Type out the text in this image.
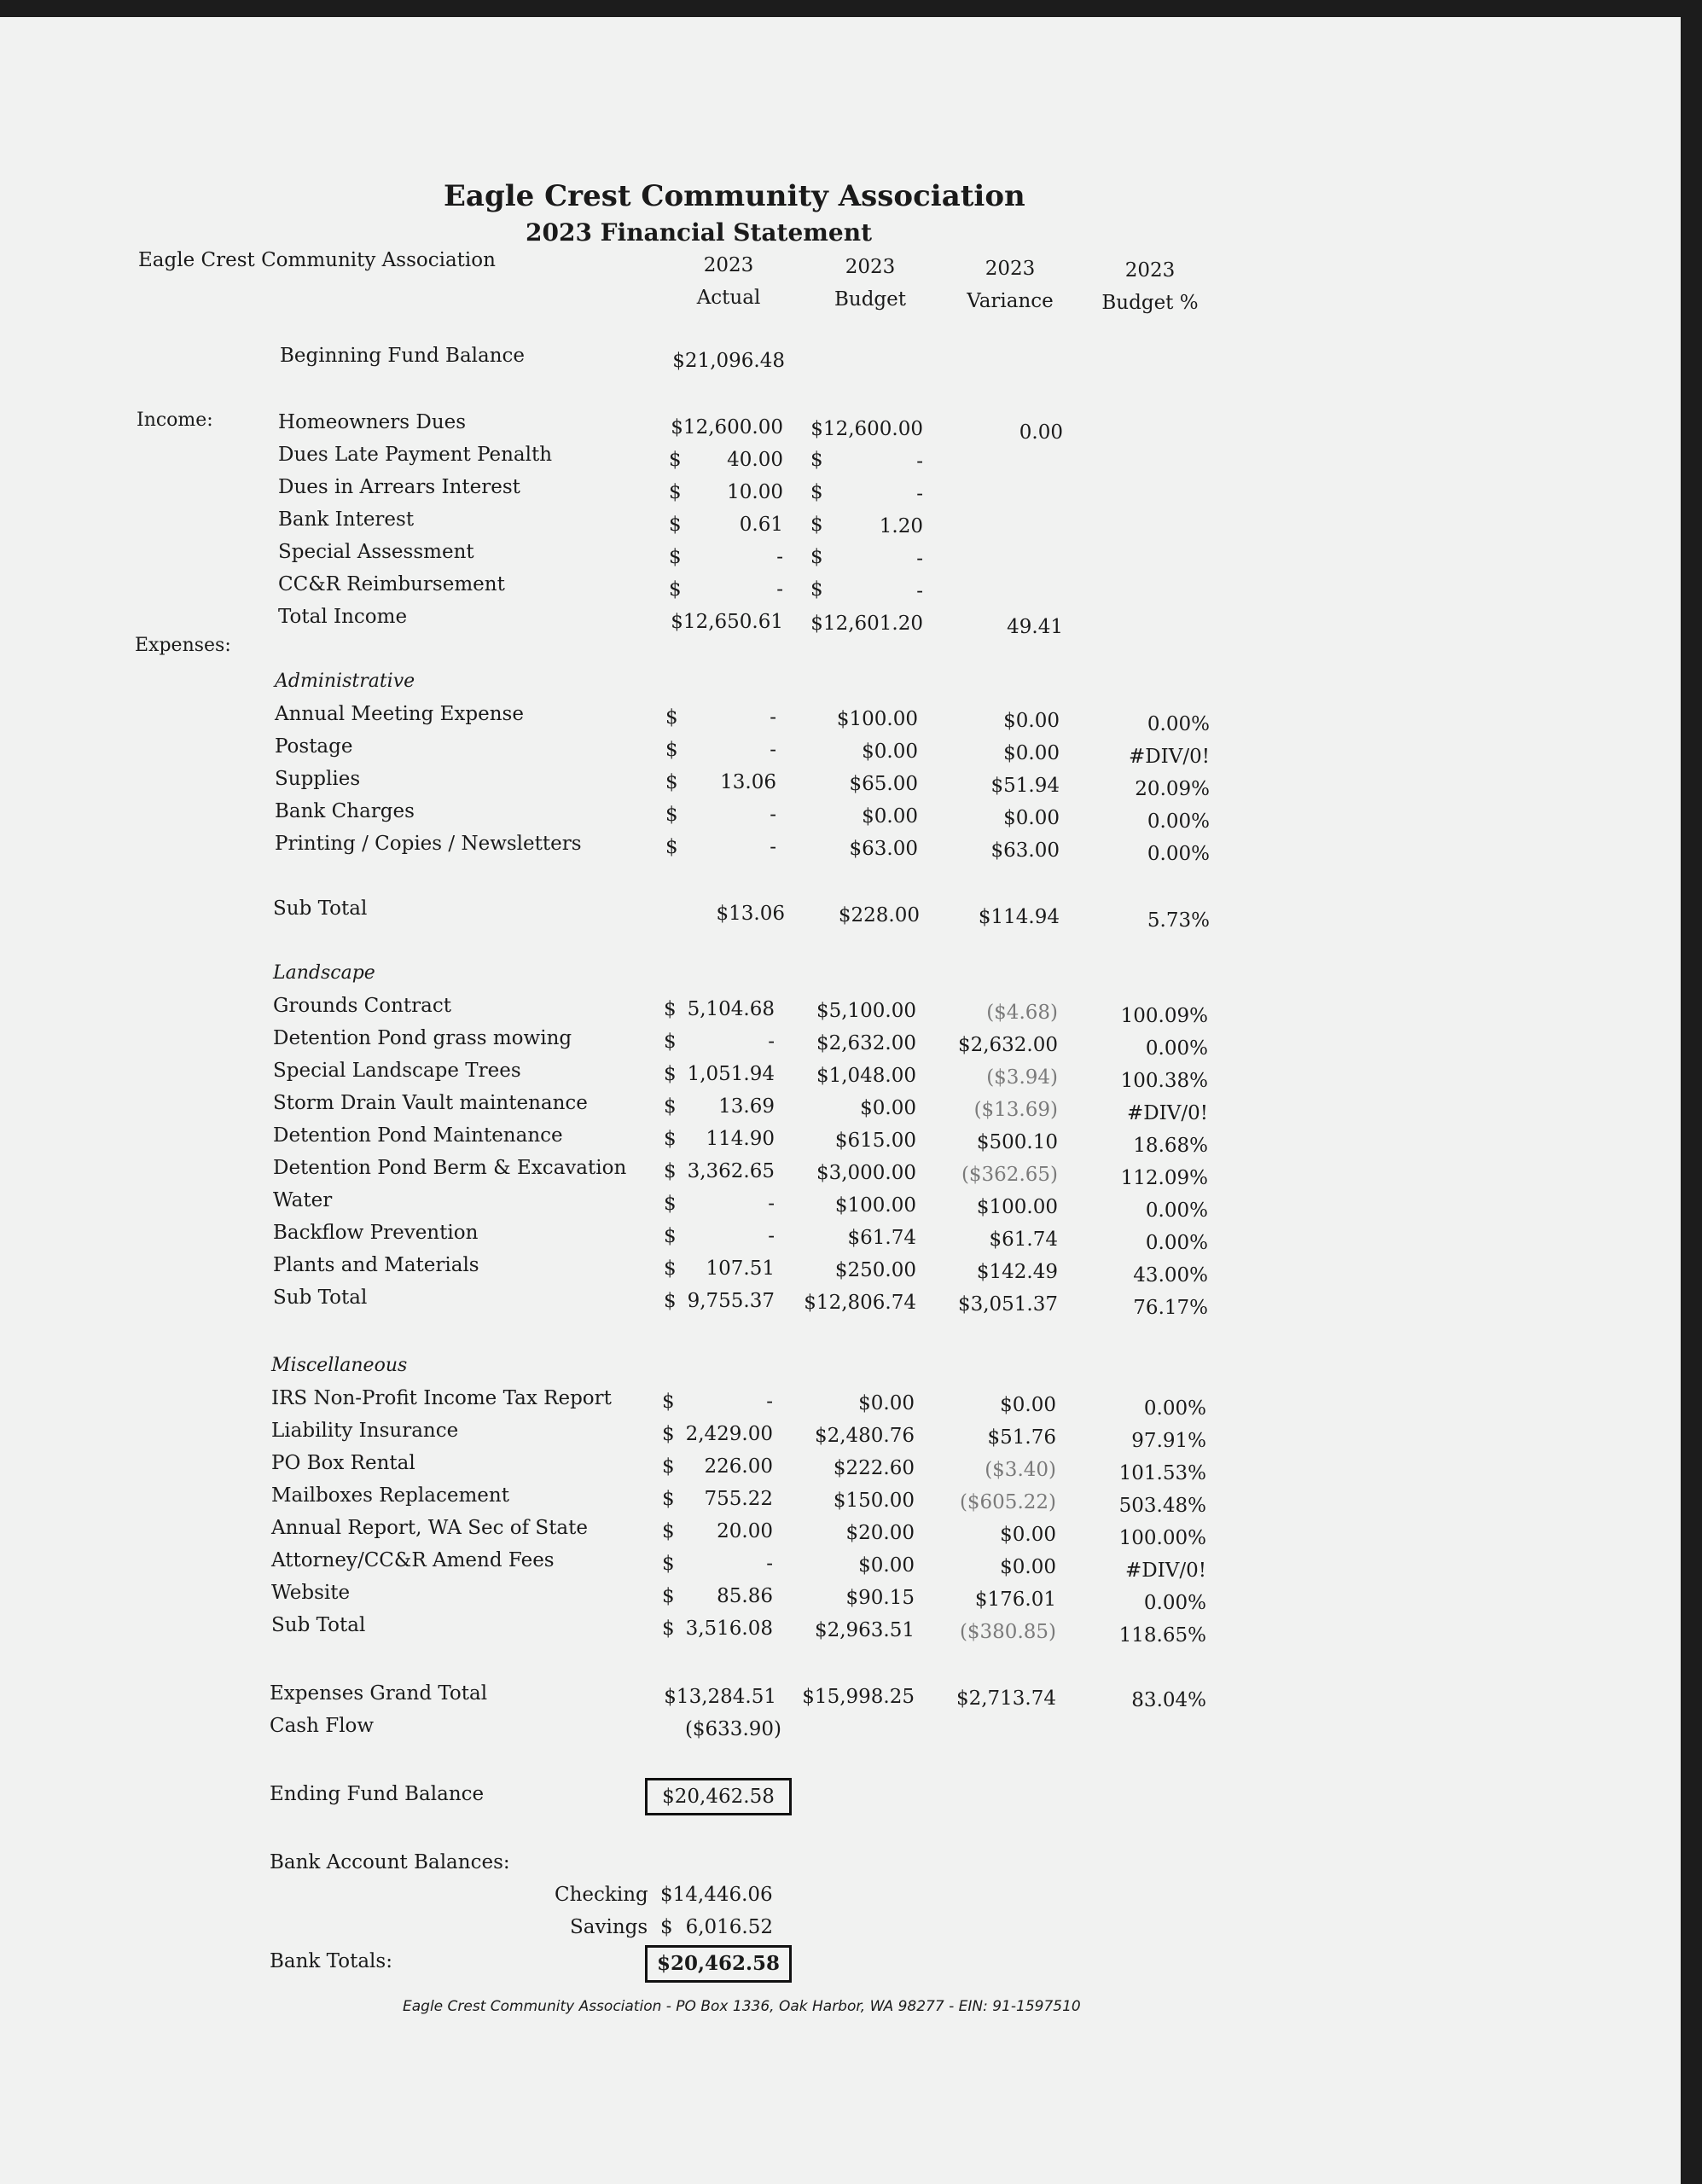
Eagle Crest Community Association
2023 Financial Statement
Eagle Crest Community Association	2023
Actual
2023
Budget
2023
Variance
2023
Budget %
Beginning Fund Balance	$21,096.48
Income:	Homeowners Dues	$12,600.00	$12,600.00	0.00
Dues Late Payment Penalth	$	40.00 $	-
Dues in Arrears Interest	$	10.00 $	-
Bank Interest	$	0.61 $	1.20
Special Assessment	$	- $	-
CC&R Reimbursement	$	- $	-
Total Income	$12,650.61	$12,601.20	49.41
Expenses:
Administrative
Annual Meeting Expense	$	-	$100.00	$0.00	0.00%
Postage	$	-	$0.00	$0.00	#DIV/0!
Supplies	$	13.06	$65.00	$51.94	20.09%
Bank Charges	$	-	$0.00	$0.00	0.00%
Printing / Copies / Newsletters	$	-	$63.00	$63.00	0.00%
Sub Total	$13.06	$228.00	$114.94	5.73%
Landscape
Grounds Contract	$ 5,104.68	$5,100.00	($4.68)	100.09%
Detention Pond grass mowing	$	-	$2,632.00	$2,632.00	0.00%
Special Landscape Trees	$ 1,051.94	$1,048.00	($3.94)	100.38%
Storm Drain Vault maintenance	$	13.69	$0.00	($13.69)	#DIV/0!
Detention Pond Maintenance	$	114.90	$615.00	$500.10	18.68%
Detention Pond Berm & Excavation $ 3,362.65	$3,000.00	($362.65)	112.09%
Water	$	-	$100.00	$100.00	0.00%
Backflow Prevention	$	-	$61.74	$61.74	0.00%
Plants and Materials	$	107.51	$250.00	$142.49	43.00%
Sub Total	$ 9,755.37	$12,806.74	$3,051.37	76.17%
Miscellaneous
IRS Non-Profit Income Tax Report	$	-	$0.00	$0.00	0.00%
Liability Insurance	$ 2,429.00	$2,480.76	$51.76	97.91%
PO Box Rental	$	226.00	$222.60	($3.40)	101.53%
Mailboxes Replacement	$	755.22	$150.00	($605.22)	503.48%
Annual Report, WA Sec of State	$	20.00	$20.00	$0.00	100.00%
Attorney/CC&R Amend Fees	$	-	$0.00	$0.00	#DIV/0!
Website	$	85.86	$90.15	$176.01	0.00%
Sub Total	$ 3,516.08	$2,963.51	($380.85)	118.65%
Expenses Grand Total	$13,284.51	$15,998.25	$2,713.74	83.04%
Cash Flow	($633.90)
Ending Fund Balance	$20,462.58
Bank Account Balances:
Checking $14,446.06
Savings $ 6,016.52
Bank Totals:	$20,462.58
Eagle Crest Community Association - PO Box 1336, Oak Harbor, WA 98277 - EIN: 91-1597510
